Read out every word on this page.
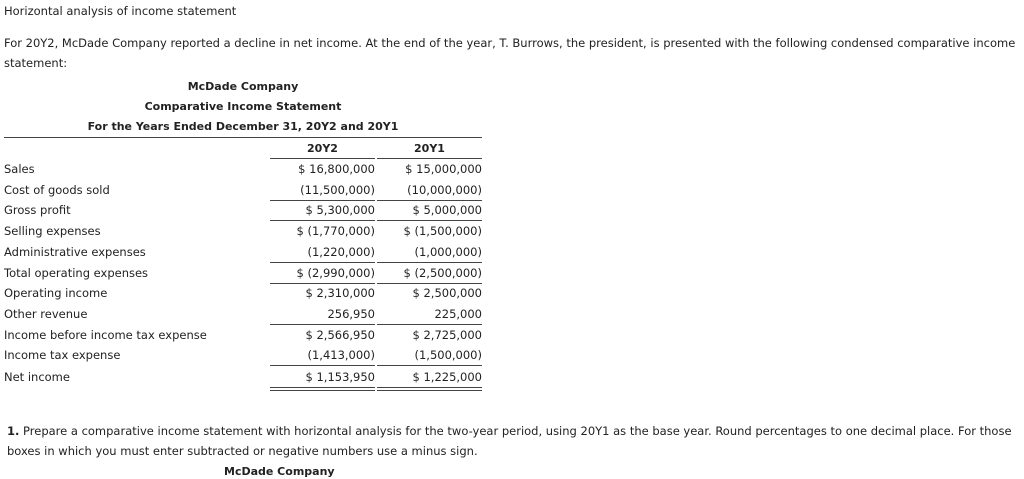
Horizontal analysis of income statement
For 20Y2, McDade Company reported a decline in net income. At the end of the year, T. Burrows, the president, is presented with the following condensed comparative income statement:
McDade Company
Comparative Income Statement
For the Years Ended December 31, 20Y2 and 20Y1
20Y2	20Y1
Sales	$ 16,800,000	$ 15,000,000
Cost of goods sold	(11,500,000)	(10,000,000)
Gross profit	$ 5,300,000	$ 5,000,000
Selling expenses	$ (1,770,000)	$ (1,500,000)
Administrative expenses	(1,220,000)	(1,000,000)
Total operating expenses	$ (2,990,000)	$ (2,500,000)
Operating income	$ 2,310,000	$ 2,500,000
Other revenue	256,950	225,000
Income before income tax expense	$ 2,566,950	$ 2,725,000
Income tax expense	(1,413,000)	(1,500,000)
Net income	$ 1,153,950	$ 1,225,000
1. Prepare a comparative income statement with horizontal analysis for the two-year period, using 20Y1 as the base year. Round percentages to one decimal place. For those boxes in which you must enter subtracted or negative numbers use a minus sign.
McDade Company
